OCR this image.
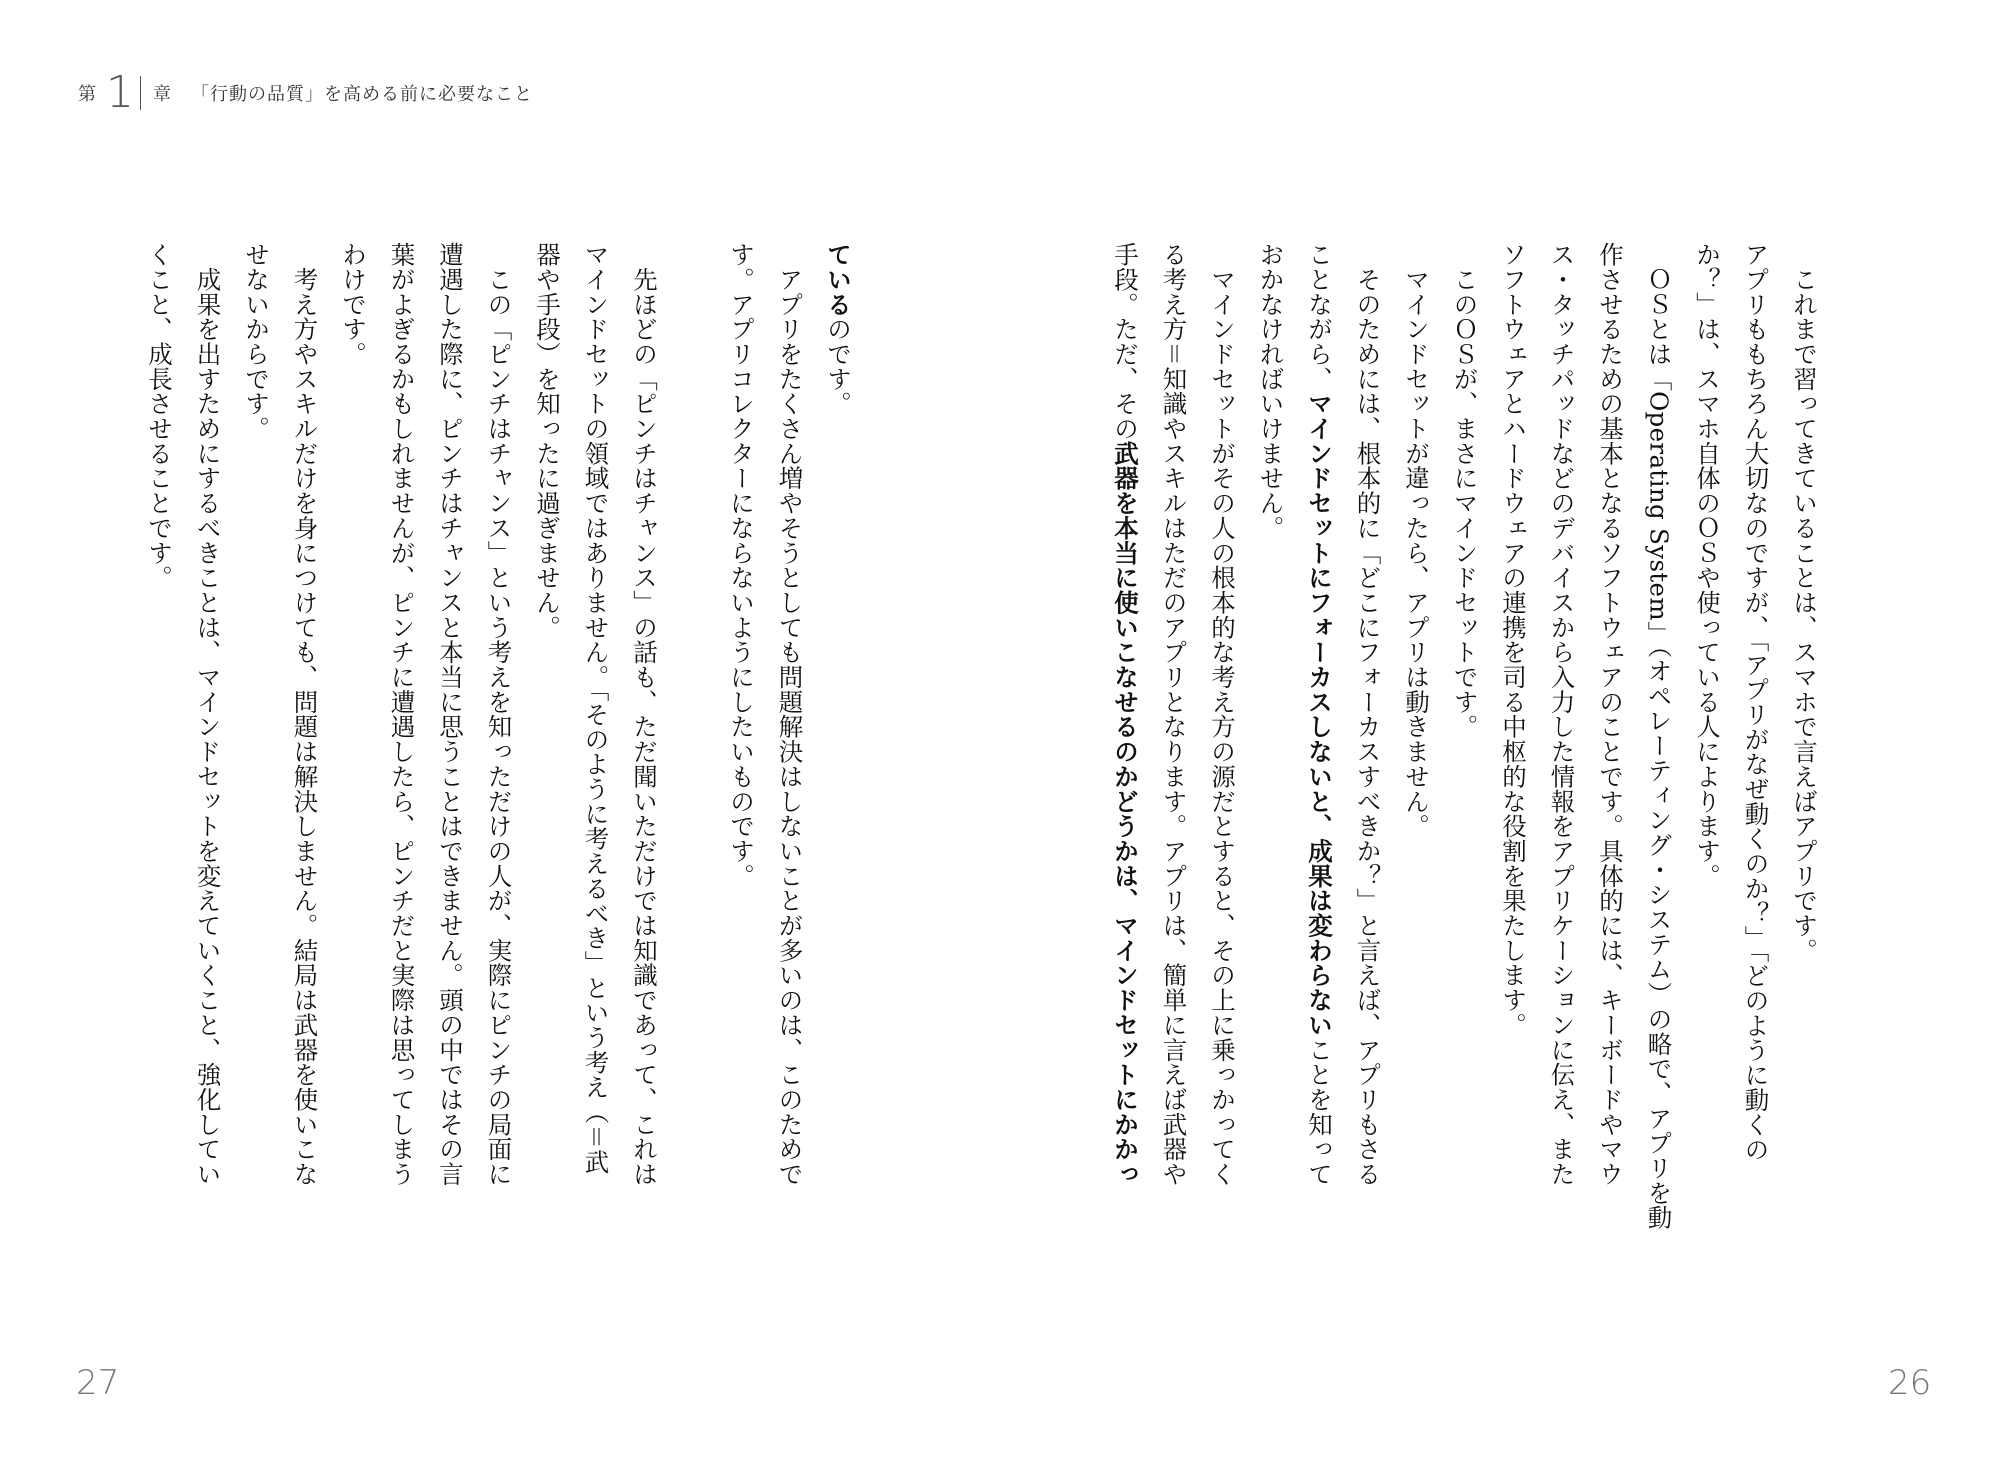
第 1 章 「行動の品質」を高める前に必要なこと
　これまで習ってきていることは、スマホで言えばアプリです。
アプリももちろん大切なのですが、「アプリがなぜ動くのか？」「どのように動くの
か？」は、スマホ自体のＯＳや使っている人によります。
　ＯＳとは「Operating System」（オペレーティング・システム）の略で、アプリを動
作させるための基本となるソフトウェアのことです。具体的には、キーボードやマウ
ス・タッチパッドなどのデバイスから入力した情報をアプリケーションに伝え、また
ソフトウェアとハードウェアの連携を司る中枢的な役割を果たします。
　このＯＳが、まさにマインドセットです。
　マインドセットが違ったら、アプリは動きません。
　そのためには、根本的に「どこにフォーカスすべきか？」と言えば、アプリもさる
ことながら、マインドセットにフォーカスしないと、成果は変わらないことを知って
おかなければいけません。
　マインドセットがその人の根本的な考え方の源だとすると、その上に乗っかってく
る考え方＝知識やスキルはただのアプリとなります。アプリは、簡単に言えば武器や
手段。ただ、その武器を本当に使いこなせるのかどうかは、マインドセットにかかっ
ているのです。
　アプリをたくさん増やそうとしても問題解決はしないことが多いのは、このためで
す。アプリコレクターにならないようにしたいものです。
　先ほどの「ピンチはチャンス」の話も、ただ聞いただけでは知識であって、これは
マインドセットの領域ではありません。「そのように考えるべき」という考え（＝武
器や手段）を知ったに過ぎません。
　この「ピンチはチャンス」という考えを知っただけの人が、実際にピンチの局面に
遭遇した際に、ピンチはチャンスと本当に思うことはできません。頭の中ではその言
葉がよぎるかもしれませんが、ピンチに遭遇したら、ピンチだと実際は思ってしまう
わけです。
　考え方やスキルだけを身につけても、問題は解決しません。結局は武器を使いこな
せないからです。
　成果を出すためにするべきことは、マインドセットを変えていくこと、強化してい
くこと、成長させることです。
27	26
